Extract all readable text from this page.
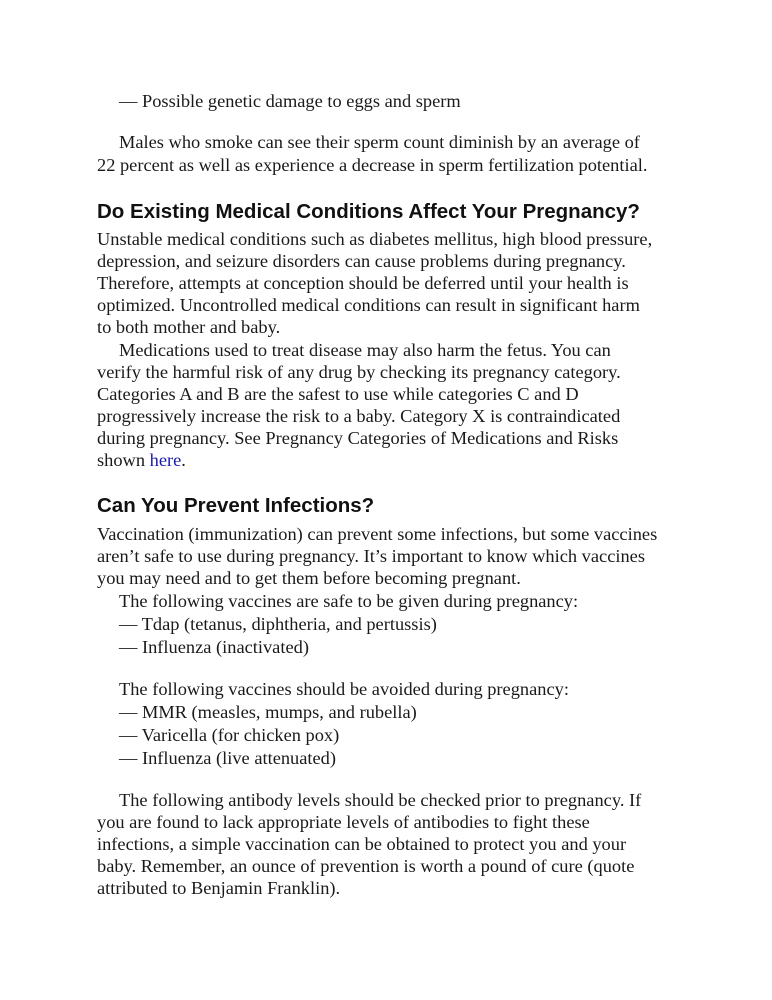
— Possible genetic damage to eggs and sperm
Males who smoke can see their sperm count diminish by an average of
22 percent as well as experience a decrease in sperm fertilization potential.
Do Existing Medical Conditions Affect Your Pregnancy?
Unstable medical conditions such as diabetes mellitus, high blood pressure,
depression, and seizure disorders can cause problems during pregnancy.
Therefore, attempts at conception should be deferred until your health is
optimized. Uncontrolled medical conditions can result in significant harm
to both mother and baby.
Medications used to treat disease may also harm the fetus. You can
verify the harmful risk of any drug by checking its pregnancy category.
Categories A and B are the safest to use while categories C and D
progressively increase the risk to a baby. Category X is contraindicated
during pregnancy. See Pregnancy Categories of Medications and Risks
shown here.
Can You Prevent Infections?
Vaccination (immunization) can prevent some infections, but some vaccines
aren’t safe to use during pregnancy. It’s important to know which vaccines
you may need and to get them before becoming pregnant.
The following vaccines are safe to be given during pregnancy:
— Tdap (tetanus, diphtheria, and pertussis)
— Influenza (inactivated)
The following vaccines should be avoided during pregnancy:
— MMR (measles, mumps, and rubella)
— Varicella (for chicken pox)
— Influenza (live attenuated)
The following antibody levels should be checked prior to pregnancy. If
you are found to lack appropriate levels of antibodies to fight these
infections, a simple vaccination can be obtained to protect you and your
baby. Remember, an ounce of prevention is worth a pound of cure (quote
attributed to Benjamin Franklin).
